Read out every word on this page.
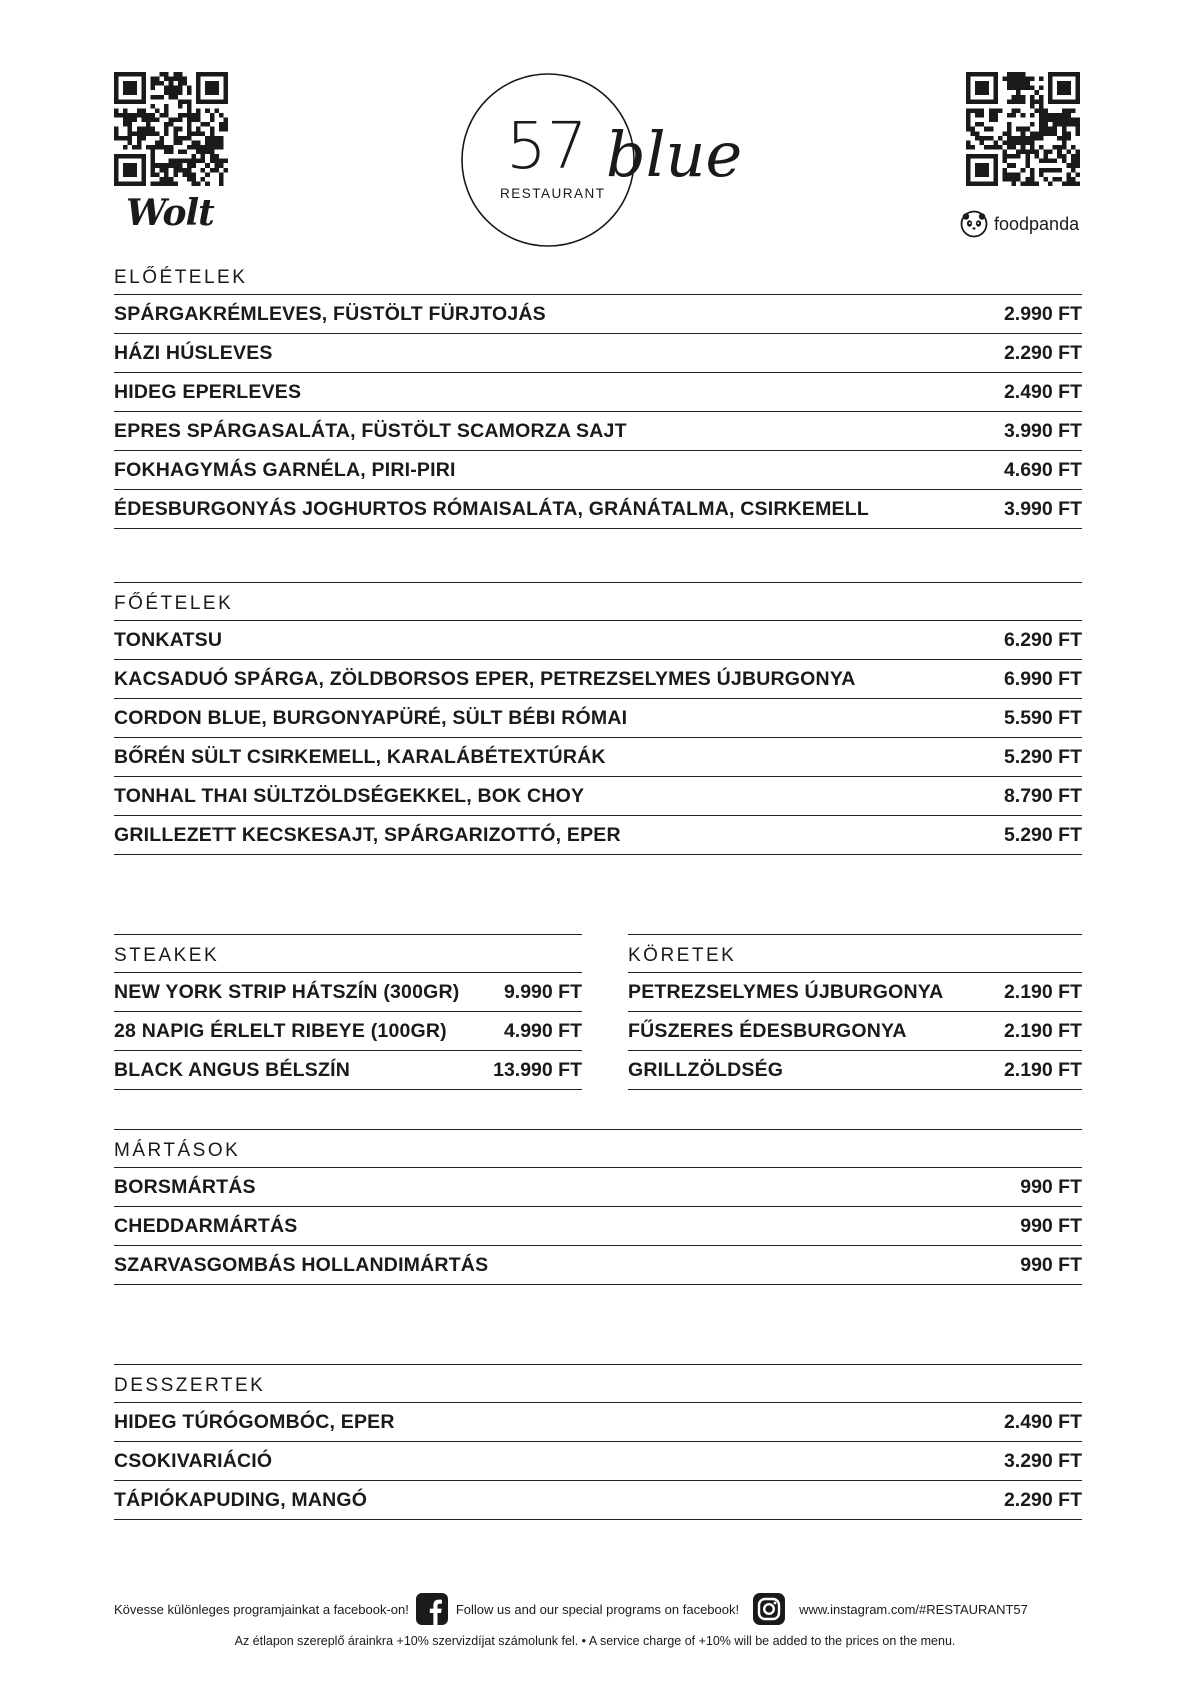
Wolt
57
RESTAURANT
blue
foodpanda
ELŐÉTELEK
SPÁRGAKRÉMLEVES, FÜSTÖLT FÜRJTOJÁS	2.990 FT
HÁZI HÚSLEVES	2.290 FT
HIDEG EPERLEVES	2.490 FT
EPRES SPÁRGASALÁTA, FÜSTÖLT SCAMORZA SAJT	3.990 FT
FOKHAGYMÁS GARNÉLA, PIRI-PIRI	4.690 FT
ÉDESBURGONYÁS JOGHURTOS RÓMAISALÁTA, GRÁNÁTALMA, CSIRKEMELL	3.990 FT
FŐÉTELEK
TONKATSU	6.290 FT
KACSADUÓ SPÁRGA, ZÖLDBORSOS EPER, PETREZSELYMES ÚJBURGONYA	6.990 FT
CORDON BLUE, BURGONYAPÜRÉ, SÜLT BÉBI RÓMAI	5.590 FT
BŐRÉN SÜLT CSIRKEMELL, KARALÁBÉTEXTÚRÁK	5.290 FT
TONHAL THAI SÜLTZÖLDSÉGEKKEL, BOK CHOY	8.790 FT
GRILLEZETT KECSKESAJT, SPÁRGARIZOTTÓ, EPER	5.290 FT
STEAKEK
NEW YORK STRIP HÁTSZÍN (300GR)	9.990 FT
28 NAPIG ÉRLELT RIBEYE (100GR)	4.990 FT
BLACK ANGUS BÉLSZÍN	13.990 FT
KÖRETEK
PETREZSELYMES ÚJBURGONYA	2.190 FT
FŰSZERES ÉDESBURGONYA	2.190 FT
GRILLZÖLDSÉG	2.190 FT
MÁRTÁSOK
BORSMÁRTÁS	990 FT
CHEDDARMÁRTÁS	990 FT
SZARVASGOMBÁS HOLLANDIMÁRTÁS	990 FT
DESSZERTEK
HIDEG TÚRÓGOMBÓC, EPER	2.490 FT
CSOKIVARIÁCIÓ	3.290 FT
TÁPIÓKAPUDING, MANGÓ	2.290 FT
Kövesse különleges programjainkat a facebook-on!	Follow us and our special programs on facebook!	www.instagram.com/#RESTAURANT57
Az étlapon szereplő árainkra +10% szervizdíjat számolunk fel. • A service charge of +10% will be added to the prices on the menu.
